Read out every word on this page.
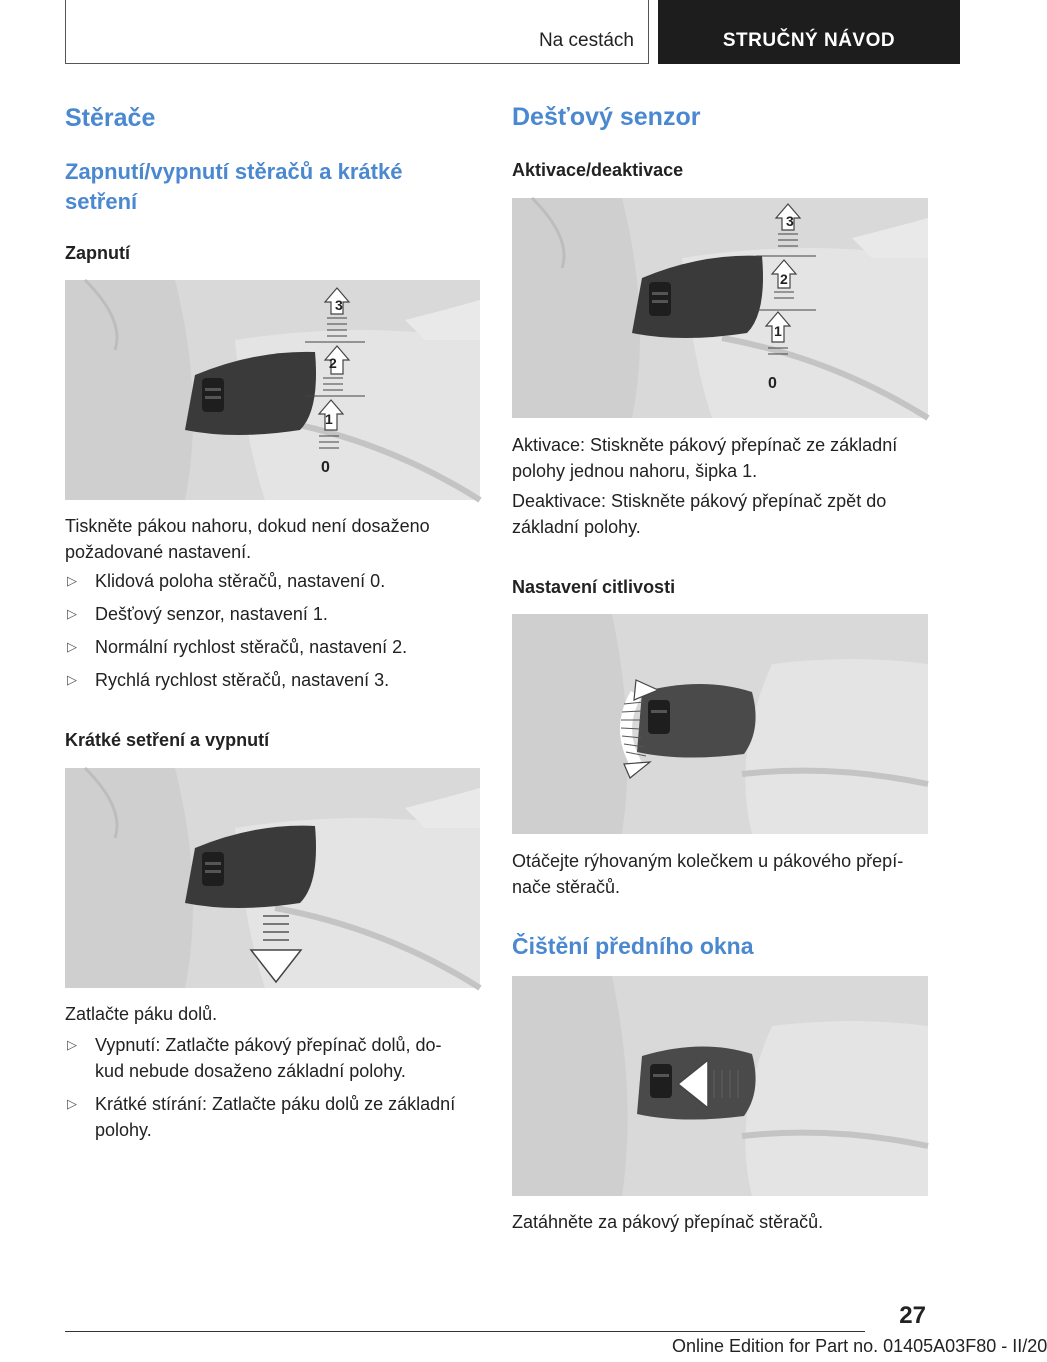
Na cestách	STRUČNÝ NÁVOD
Stěrače
Zapnutí/vypnutí stěračů a krátké
setření
Zapnutí
3
2
1
0
Tiskněte pákou nahoru, dokud není dosaženo
požadované nastavení.
▷ Klidová poloha stěračů, nastavení 0.
▷ Dešťový senzor, nastavení 1.
▷ Normální rychlost stěračů, nastavení 2.
▷ Rychlá rychlost stěračů, nastavení 3.
Krátké setření a vypnutí
Zatlačte páku dolů.
▷ Vypnutí: Zatlačte pákový přepínač dolů, do-
kud nebude dosaženo základní polohy.
▷ Krátké stírání: Zatlačte páku dolů ze základní
polohy.
Dešťový senzor
Aktivace/deaktivace
3
2
1
0
Aktivace: Stiskněte pákový přepínač ze základní
polohy jednou nahoru, šipka 1.
Deaktivace: Stiskněte pákový přepínač zpět do
základní polohy.
Nastavení citlivosti
Otáčejte rýhovaným kolečkem u pákového přepí-
nače stěračů.
Čištění předního okna
Zatáhněte za pákový přepínač stěračů.
27
Online Edition for Part no. 01405A03F80 - II/20
